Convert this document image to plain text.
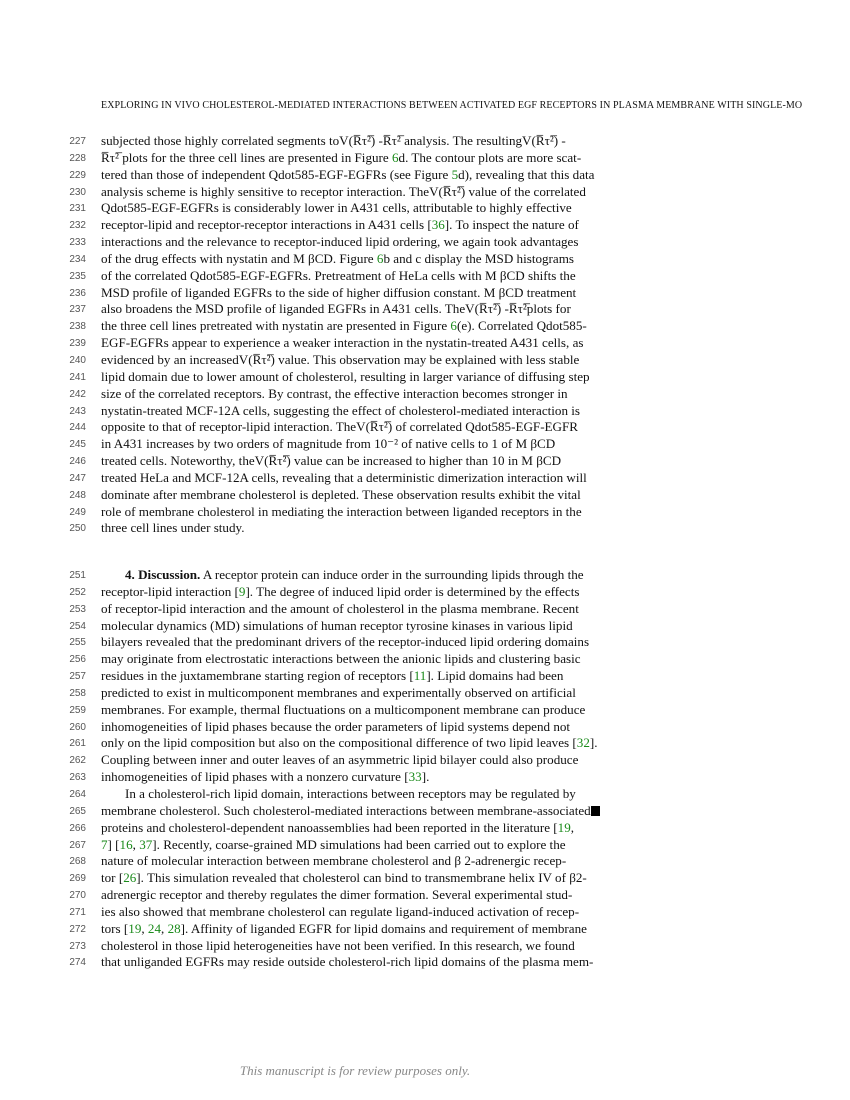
EXPLORING IN VIVO CHOLESTEROL-MEDIATED INTERACTIONS BETWEEN ACTIVATED EGF RECEPTORS IN PLASMA MEMBRANE WITH SINGLE-MO
227 subjected those highly correlated segments toV(R̅τ²̅) -R̅τ²̅ analysis. The resultingV(R̅τ²̅) -
228 R̅τ²̅ plots for the three cell lines are presented in Figure 6d. The contour plots are more scat-
229 tered than those of independent Qdot585-EGF-EGFRs (see Figure 5d), revealing that this data
230 analysis scheme is highly sensitive to receptor interaction. TheV(R̅τ²̅) value of the correlated
231 Qdot585-EGF-EGFRs is considerably lower in A431 cells, attributable to highly effective
232 receptor-lipid and receptor-receptor interactions in A431 cells [36]. To inspect the nature of
233 interactions and the relevance to receptor-induced lipid ordering, we again took advantages
234 of the drug effects with nystatin and M βCD. Figure 6b and c display the MSD histograms
235 of the correlated Qdot585-EGF-EGFRs. Pretreatment of HeLa cells with M βCD shifts the
236 MSD profile of liganded EGFRs to the side of higher diffusion constant. M βCD treatment
237 also broadens the MSD profile of liganded EGFRs in A431 cells. TheV(R̅τ²̅) -R̅τ²̅plots for
238 the three cell lines pretreated with nystatin are presented in Figure 6(e). Correlated Qdot585-
239 EGF-EGFRs appear to experience a weaker interaction in the nystatin-treated A431 cells, as
240 evidenced by an increasedV(R̅τ²̅) value. This observation may be explained with less stable
241 lipid domain due to lower amount of cholesterol, resulting in larger variance of diffusing step
242 size of the correlated receptors. By contrast, the effective interaction becomes stronger in
243 nystatin-treated MCF-12A cells, suggesting the effect of cholesterol-mediated interaction is
244 opposite to that of receptor-lipid interaction. TheV(R̅τ²̅) of correlated Qdot585-EGF-EGFR
245 in A431 increases by two orders of magnitude from 10⁻² of native cells to 1 of M βCD
246 treated cells. Noteworthy, theV(R̅τ²̅) value can be increased to higher than 10 in M βCD
247 treated HeLa and MCF-12A cells, revealing that a deterministic dimerization interaction will
248 dominate after membrane cholesterol is depleted. These observation results exhibit the vital
249 role of membrane cholesterol in mediating the interaction between liganded receptors in the
250 three cell lines under study.
251	4. Discussion. A receptor protein can induce order in the surrounding lipids through the
252 receptor-lipid interaction [9]. The degree of induced lipid order is determined by the effects
253 of receptor-lipid interaction and the amount of cholesterol in the plasma membrane. Recent
254 molecular dynamics (MD) simulations of human receptor tyrosine kinases in various lipid
255 bilayers revealed that the predominant drivers of the receptor-induced lipid ordering domains
256 may originate from electrostatic interactions between the anionic lipids and clustering basic
257 residues in the juxtamembrane starting region of receptors [11]. Lipid domains had been
258 predicted to exist in multicomponent membranes and experimentally observed on artificial
259 membranes. For example, thermal fluctuations on a multicomponent membrane can produce
260 inhomogeneities of lipid phases because the order parameters of lipid systems depend not
261 only on the lipid composition but also on the compositional difference of two lipid leaves [32].
262 Coupling between inner and outer leaves of an asymmetric lipid bilayer could also produce
263 inhomogeneities of lipid phases with a nonzero curvature [33].
264	In a cholesterol-rich lipid domain, interactions between receptors may be regulated by
265 membrane cholesterol. Such cholesterol-mediated interactions between membrane-associated
266 proteins and cholesterol-dependent nanoassemblies had been reported in the literature [19,
267 7] [16, 37]. Recently, coarse-grained MD simulations had been carried out to explore the
268 nature of molecular interaction between membrane cholesterol and β 2-adrenergic recep-
269 tor [26]. This simulation revealed that cholesterol can bind to transmembrane helix IV of β2-
270 adrenergic receptor and thereby regulates the dimer formation. Several experimental stud-
271 ies also showed that membrane cholesterol can regulate ligand-induced activation of recep-
272 tors [19, 24, 28]. Affinity of liganded EGFR for lipid domains and requirement of membrane
273 cholesterol in those lipid heterogeneities have not been verified. In this research, we found
274 that unliganded EGFRs may reside outside cholesterol-rich lipid domains of the plasma mem-
This manuscript is for review purposes only.
